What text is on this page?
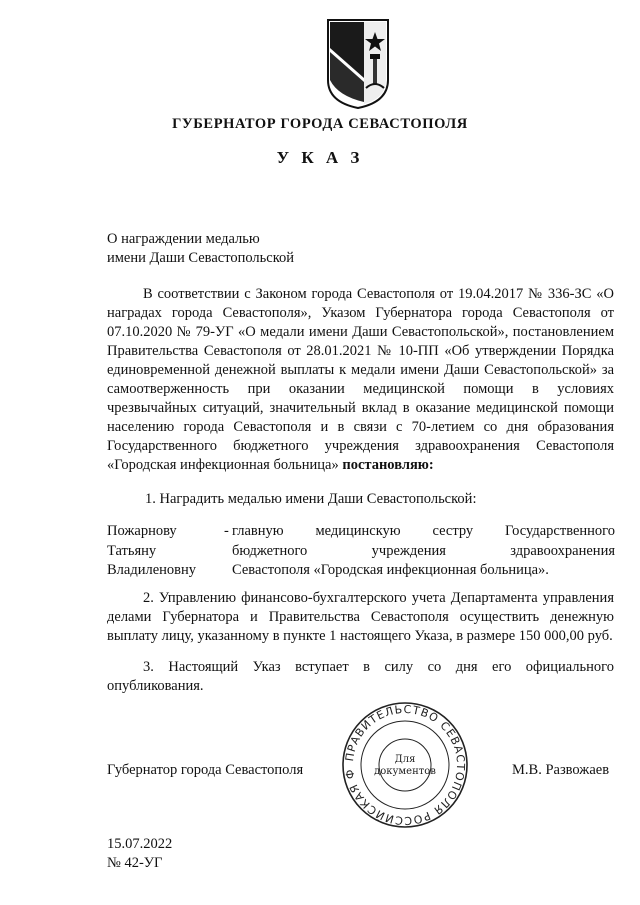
ГУБЕРНАТОР ГОРОДА СЕВАСТОПОЛЯ
У К А З
О награждении медалью
имени Даши Севастопольской
В соответствии с Законом города Севастополя от 19.04.2017 № 336-ЗС «О наградах города Севастополя», Указом Губернатора города Севастополя от 07.10.2020 № 79-УГ «О медали имени Даши Севастопольской», постановлением Правительства Севастополя от 28.01.2021 № 10-ПП «Об утверждении Порядка единовременной денежной выплаты к медали имени Даши Севастопольской» за самоотверженность при оказании медицинской помощи в условиях чрезвычайных ситуаций, значительный вклад в оказание медицинской помощи населению города Севастополя и в связи с 70-летием со дня образования Государственного бюджетного учреждения здравоохранения Севастополя «Городская инфекционная больница» постановляю:
1. Наградить медалью имени Даши Севастопольской:
Пожарнову
Татьяну
Владиленовну
- главную медицинскую сестру Государственного
бюджетного учреждения здравоохранения
Севастополя «Городская инфекционная больница».
2. Управлению финансово-бухгалтерского учета Департамента управления делами Губернатора и Правительства Севастополя осуществить денежную выплату лицу, указанному в пункте 1 настоящего Указа, в размере 150 000,00 руб.
3. Настоящий Указ вступает в силу со дня его официального опубликования.
Губернатор города Севастополя	М.В. Развожаев
ПРАВИТЕЛЬСТВО СЕВАСТОПОЛЯ РОССИЙСКАЯ Ф
Для
документов
15.07.2022
№ 42-УГ
